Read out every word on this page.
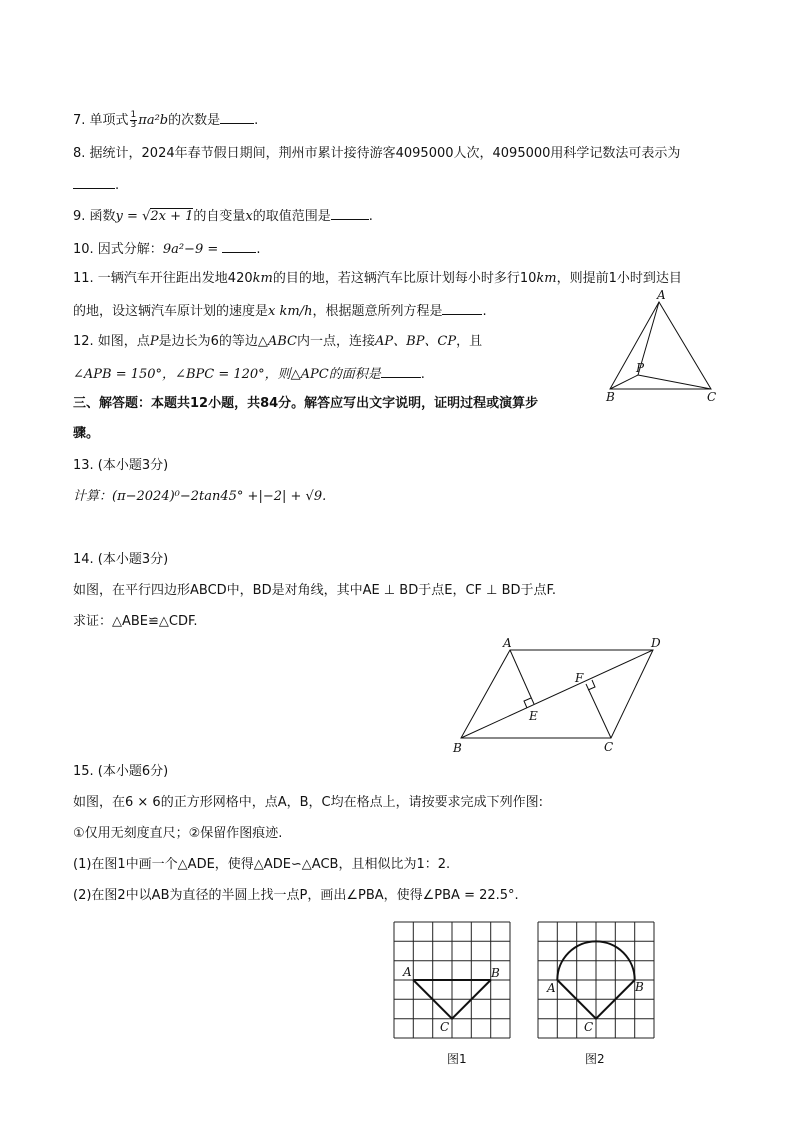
7. 单项式 $\frac{1}{3} \pi a^2b$的次数是	.
8. 据统计，2024年春节假日期间，荆州市累计接待游客4095000人次，4095000用科学记数法可表示为
.
9. 函数y = √2x + 1的自变量x的取值范围是	.
10. 因式分解：9a²−9 =	.
11. 一辆汽车开往距出发地420km的目的地，若这辆汽车比原计划每小时多行10km，则提前1小时到达目
的地，设这辆汽车原计划的速度是x km/h，根据题意所列方程是	.
12. 如图，点P是边长为6的等边△ABC内一点，连接AP、BP、CP，且
∠APB = 150°，∠BPC = 120°，则△APC的面积是	.
A
B	C
P
三、解答题：本题共12小题，共84分。解答应写出文字说明，证明过程或演算步
骤。
13. (本小题3分)
计算：(π−2024)⁰−2tan45° +|−2| + √9.
14. (本小题3分)
如图，在平行四边形ABCD中，BD是对角线，其中AE ⊥ BD于点E，CF ⊥ BD于点F.
求证：△ABE≌△CDF.
A	D
B	C
E
F
15. (本小题6分)
如图，在6 × 6的正方形网格中，点A，B，C均在格点上，请按要求完成下列作图:
①仅用无刻度直尺；②保留作图痕迹.
(1)在图1中画一个△ADE，使得△ADE∽△ACB，且相似比为1：2.
(2)在图2中以AB为直径的半圆上找一点P，画出∠PBA，使得∠PBA = 22.5°.
A	B
C
图1
A	B
C
图2
